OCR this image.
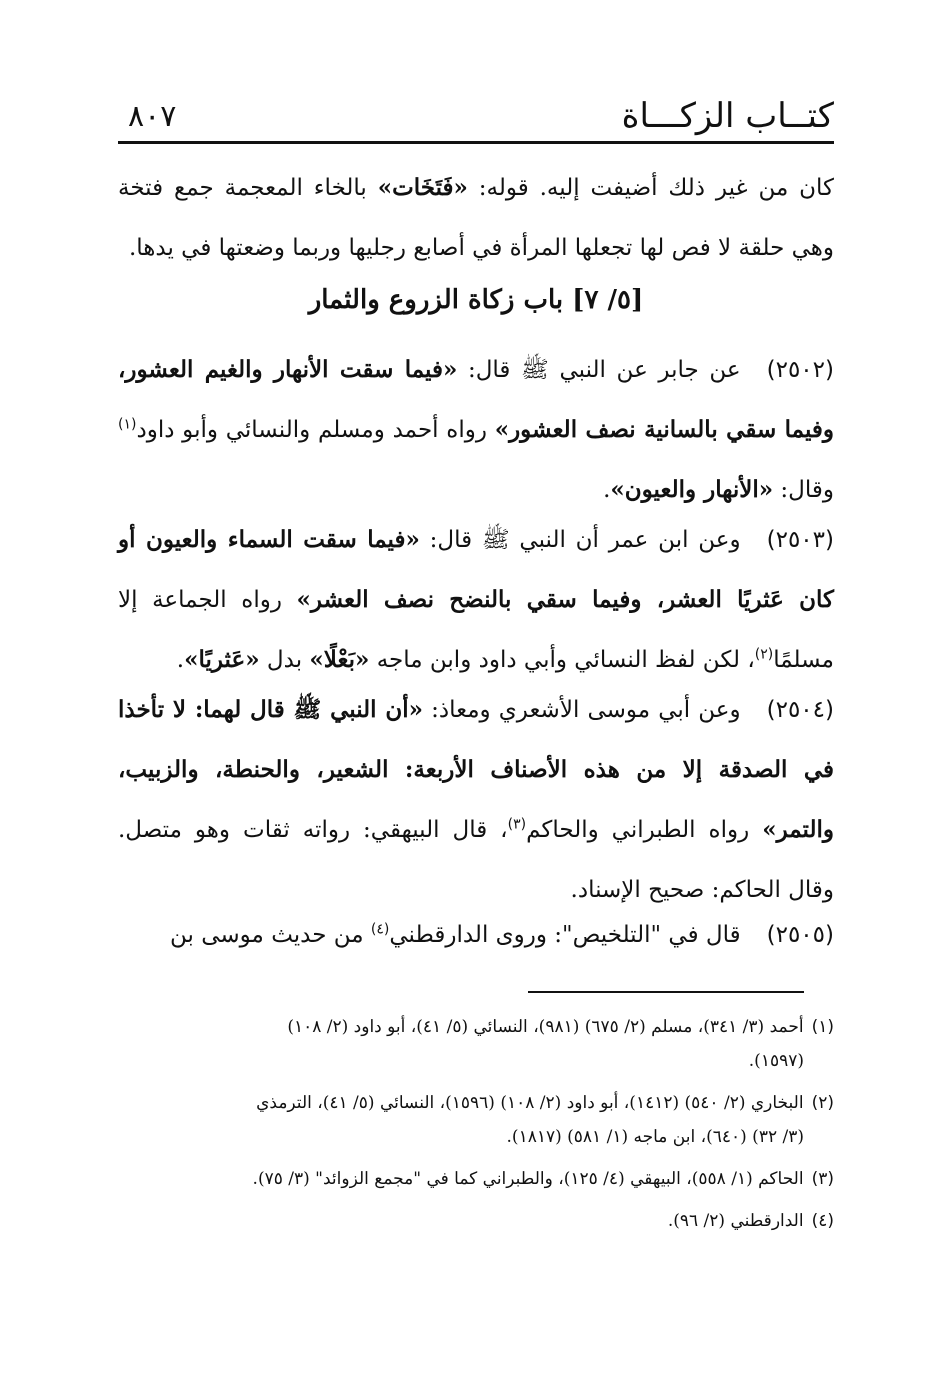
كتــاب الزكـــاة
٨٠٧
كان من غير ذلك أضيفت إليه. قوله: «فَتَخَات» بالخاء المعجمة جمع فتخة وهي حلقة لا فص لها تجعلها المرأة في أصابع رجليها وربما وضعتها في يدها.
[٥/ ٧] باب زكاة الزروع والثمار
(٢٥٠٢)عن جابر عن النبي ﷺ قال: «فيما سقت الأنهار والغيم العشور، وفيما سقي بالسانية نصف العشور» رواه أحمد ومسلم والنسائي وأبو داود$^{(١)}$ وقال: «الأنهار والعيون».
(٢٥٠٣)وعن ابن عمر أن النبي ﷺ قال: «فيما سقت السماء والعيون أو كان عَثريًا العشر، وفيما سقي بالنضح نصف العشر» رواه الجماعة إلا مسلمًا$^{(٢)}$، لكن لفظ النسائي وأبي داود وابن ماجه «بَعْلًا» بدل «عَثريًا».
(٢٥٠٤)وعن أبي موسى الأشعري ومعاذ: «أن النبي ﷺ قال لهما: لا تأخذا في الصدقة إلا من هذه الأصناف الأربعة: الشعير، والحنطة، والزبيب، والتمر» رواه الطبراني والحاكم$^{(٣)}$، قال البيهقي: رواته ثقات وهو متصل. وقال الحاكم: صحيح الإسناد.
(٢٥٠٥)قال في "التلخيص": وروى الدارقطني$^{(٤)}$ من حديث موسى بن
(١)أحمد (٣/ ٣٤١)، مسلم (٢/ ٦٧٥) (٩٨١)، النسائي (٥/ ٤١)، أبو داود (٢/ ١٠٨)
(١٥٩٧).
(٢)البخاري (٢/ ٥٤٠) (١٤١٢)، أبو داود (٢/ ١٠٨) (١٥٩٦)، النسائي (٥/ ٤١)، الترمذي
(٣/ ٣٢) (٦٤٠)، ابن ماجه (١/ ٥٨١) (١٨١٧).
(٣)الحاكم (١/ ٥٥٨)، البيهقي (٤/ ١٢٥)، والطبراني كما في "مجمع الزوائد" (٣/ ٧٥).
(٤)الدارقطني (٢/ ٩٦).
